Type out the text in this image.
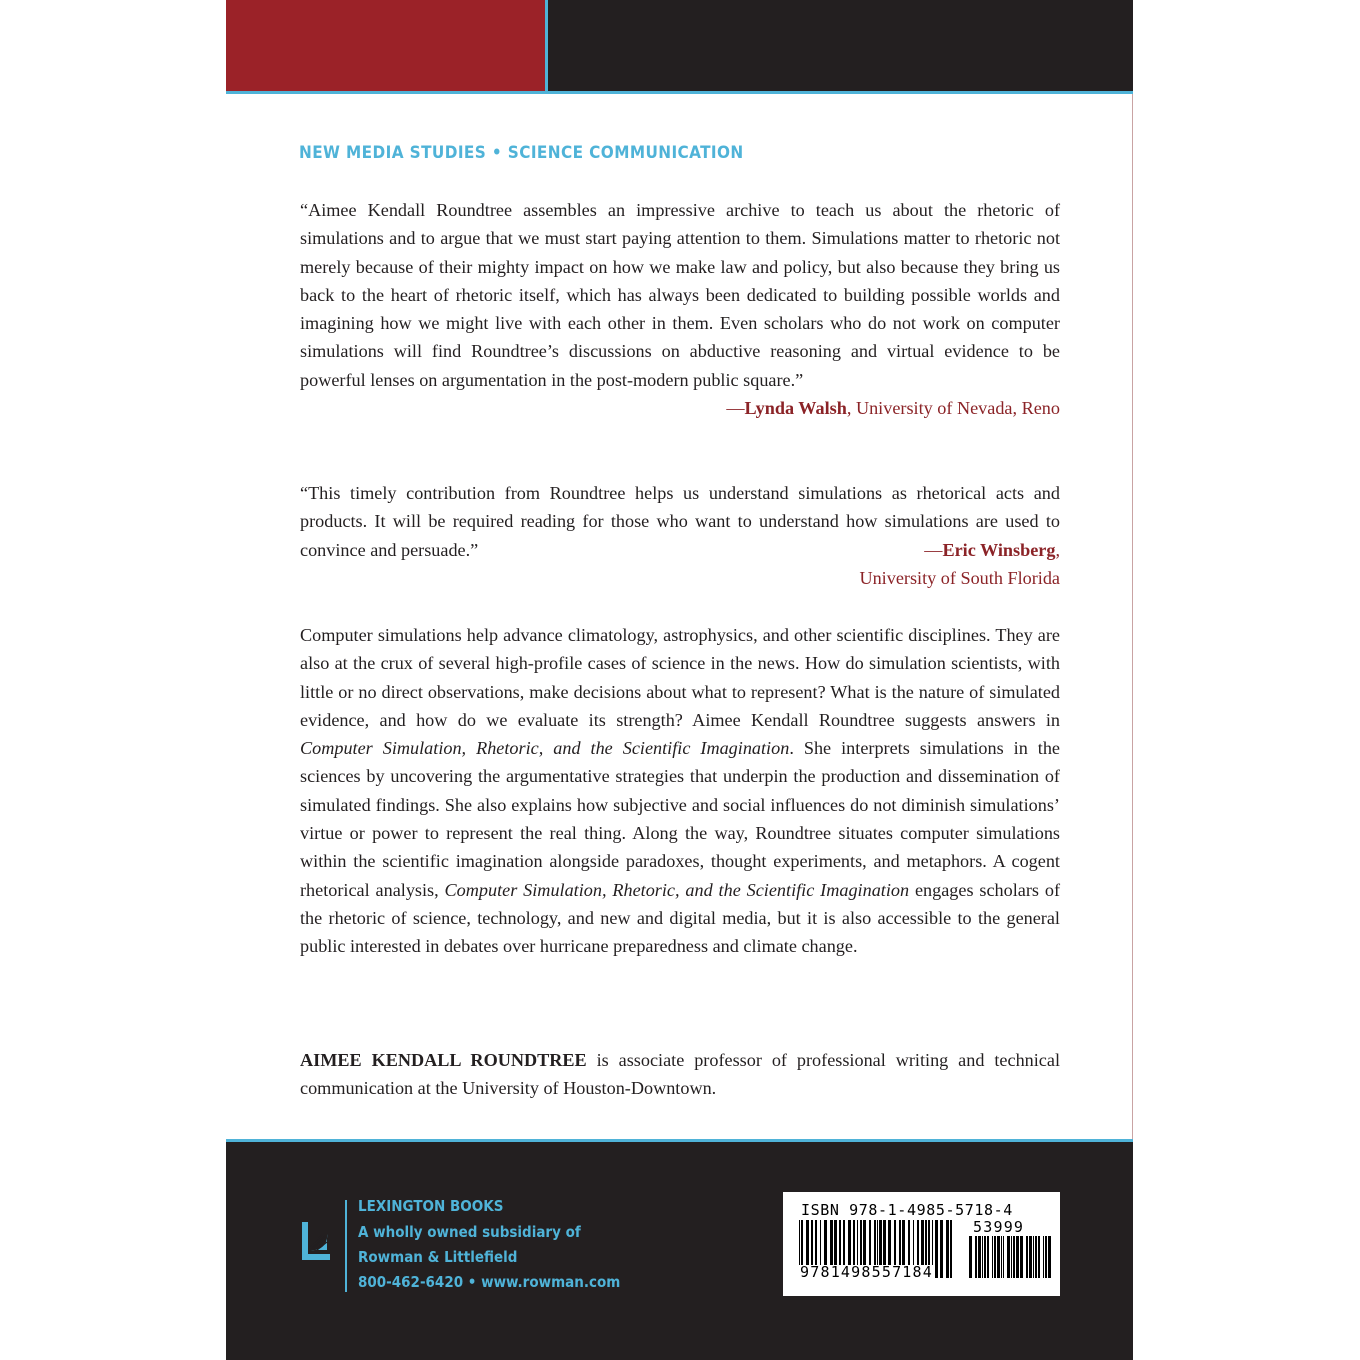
NEW MEDIA STUDIES • SCIENCE COMMUNICATION
“Aimee Kendall Roundtree assembles an impressive archive to teach us about the rhetoric of simulations and to argue that we must start paying attention to them. Simulations matter to rhetoric not merely because of their mighty impact on how we make law and policy, but also because they bring us back to the heart of rhetoric itself, which has always been dedicated to building possible worlds and imagining how we might live with each other in them. Even scholars who do not work on computer simulations will find Roundtree’s discussions on abductive reasoning and virtual evidence to be powerful lenses on argumentation in the post-modern public square.”
—Lynda Walsh, University of Nevada, Reno
“This timely contribution from Roundtree helps us understand simulations as rhetorical acts and products. It will be required reading for those who want to understand how simulations are used to convince and persuade.”	—Eric Winsberg,
University of South Florida
Computer simulations help advance climatology, astrophysics, and other scientific disciplines. They are also at the crux of several high-profile cases of science in the news. How do simulation scientists, with little or no direct observations, make decisions about what to represent? What is the nature of simulated evidence, and how do we evaluate its strength? Aimee Kendall Roundtree suggests answers in Computer Simulation, Rhetoric, and the Scientific Imagination. She interprets simulations in the sciences by uncovering the argumentative strategies that underpin the production and dissemination of simulated findings. She also explains how subjective and social influences do not diminish simulations’ virtue or power to represent the real thing. Along the way, Roundtree situates computer simulations within the scientific imagination alongside paradoxes, thought experiments, and metaphors. A cogent rhetorical analysis, Computer Simulation, Rhetoric, and the Scientific Imagination engages scholars of the rhetoric of science, technology, and new and digital media, but it is also accessible to the general public interested in debates over hurricane preparedness and climate change.
AIMEE KENDALL ROUNDTREE is associate professor of professional writing and technical communication at the University of Houston-Downtown.
LEXINGTON BOOKS
A wholly owned subsidiary of
Rowman & Littlefield
800-462-6420 • www.rowman.com
ISBN 978-1-4985-5718-4
53999
9781498557184
